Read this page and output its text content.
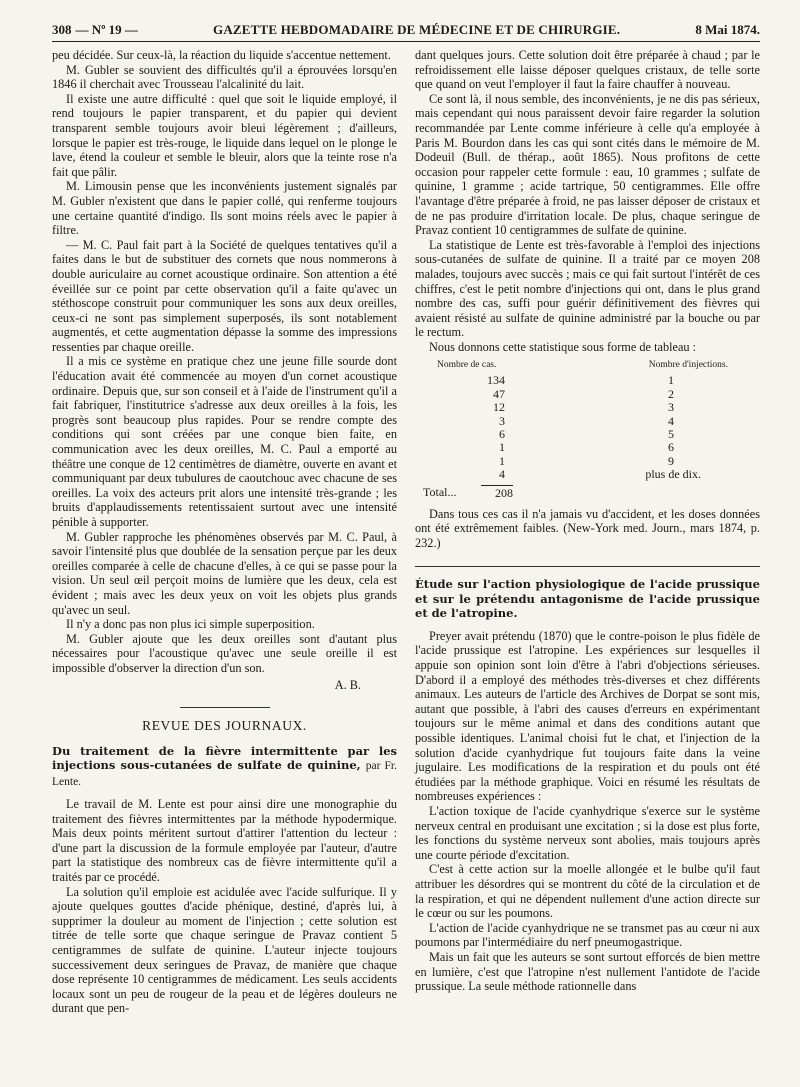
308 — Nº 19 —	GAZETTE HEBDOMADAIRE DE MÉDECINE ET DE CHIRURGIE.	8 Mai 1874.

peu décidée. Sur ceux-là, la réaction du liquide s'accentue nettement.

M. Gubler se souvient des difficultés qu'il a éprouvées lorsqu'en 1846 il cherchait avec Trousseau l'alcalinité du lait.

Il existe une autre difficulté : quel que soit le liquide employé, il rend toujours le papier transparent, et du papier qui devient transparent semble toujours avoir bleui légèrement ; d'ailleurs, lorsque le papier est très-rouge, le liquide dans lequel on le plonge le lave, étend la couleur et semble le bleuir, alors que la teinte rose n'a fait que pâlir.

M. Limousin pense que les inconvénients justement signalés par M. Gubler n'existent que dans le papier collé, qui renferme toujours une certaine quantité d'indigo. Ils sont moins réels avec le papier à filtre.

— M. C. Paul fait part à la Société de quelques tentatives qu'il a faites dans le but de substituer des cornets que nous nommerons à double auriculaire au cornet acoustique ordinaire. Son attention a été éveillée sur ce point par cette observation qu'il a faite qu'avec un stéthoscope construit pour communiquer les sons aux deux oreilles, ceux-ci ne sont pas simplement superposés, ils sont notablement augmentés, et cette augmentation dépasse la somme des impressions ressenties par chaque oreille.

Il a mis ce système en pratique chez une jeune fille sourde dont l'éducation avait été commencée au moyen d'un cornet acoustique ordinaire. Depuis que, sur son conseil et à l'aide de l'instrument qu'il a fait fabriquer, l'institutrice s'adresse aux deux oreilles à la fois, les progrès sont beaucoup plus rapides. Pour se rendre compte des conditions qui sont créées par une conque bien faite, en communication avec les deux oreilles, M. C. Paul a emporté au théâtre une conque de 12 centimètres de diamètre, ouverte en avant et communiquant par deux tubulures de caoutchouc avec chacune de ses oreilles. La voix des acteurs prit alors une intensité très-grande ; les bruits d'applaudissements retentissaient surtout avec une intensité pénible à supporter.

M. Gubler rapproche les phénomènes observés par M. C. Paul, à savoir l'intensité plus que doublée de la sensation perçue par les deux oreilles comparée à celle de chacune d'elles, à ce qui se passe pour la vision. Un seul œil perçoit moins de lumière que les deux, cela est évident ; mais avec les deux yeux on voit les objets plus grands qu'avec un seul.

Il n'y a donc pas non plus ici simple superposition.

M. Gubler ajoute que les deux oreilles sont d'autant plus nécessaires pour l'acoustique qu'avec une seule oreille il est impossible d'observer la direction d'un son.

A. B.
REVUE DES JOURNAUX.
Du traitement de la fièvre intermittente par les injections sous-cutanées de sulfate de quinine, par Fr. Lente.

Le travail de M. Lente est pour ainsi dire une monographie du traitement des fièvres intermittentes par la méthode hypodermique. Mais deux points méritent surtout d'attirer l'attention du lecteur : d'une part la discussion de la formule employée par l'auteur, d'autre part la statistique des nombreux cas de fièvre intermittente qu'il a traités par ce procédé.

La solution qu'il emploie est acidulée avec l'acide sulfurique. Il y ajoute quelques gouttes d'acide phénique, destiné, d'après lui, à supprimer la douleur au moment de l'injection ; cette solution est titrée de telle sorte que chaque seringue de Pravaz contient 5 centigrammes de sulfate de quinine. L'auteur injecte toujours successivement deux seringues de Pravaz, de manière que chaque dose représente 10 centigrammes de médicament. Les seuls accidents locaux sont un peu de rougeur de la peau et de légères douleurs ne durant que pen-

dant quelques jours. Cette solution doit être préparée à chaud ; par le refroidissement elle laisse déposer quelques cristaux, de telle sorte que quand on veut l'employer il faut la faire chauffer à nouveau.

Ce sont là, il nous semble, des inconvénients, je ne dis pas sérieux, mais cependant qui nous paraissent devoir faire regarder la solution recommandée par Lente comme inférieure à celle qu'a employée à Paris M. Bourdon dans les cas qui sont cités dans le mémoire de M. Dodeuil (Bull. de thérap., août 1865). Nous profitons de cette occasion pour rappeler cette formule : eau, 10 grammes ; sulfate de quinine, 1 gramme ; acide tartrique, 50 centigrammes. Elle offre l'avantage d'être préparée à froid, ne pas laisser déposer de cristaux et de ne pas produire d'irritation locale. De plus, chaque seringue de Pravaz contient 10 centigrammes de sulfate de quinine.

La statistique de Lente est très-favorable à l'emploi des injections sous-cutanées de sulfate de quinine. Il a traité par ce moyen 208 malades, toujours avec succès ; mais ce qui fait surtout l'intérêt de ces chiffres, c'est le petit nombre d'injections qui ont, dans le plus grand nombre des cas, suffi pour guérir définitivement des fièvres qui avaient résisté au sulfate de quinine administré par la bouche ou par le rectum.

Nous donnons cette statistique sous forme de tableau :

Nombre de cas.	Nombre d'injections.
134	1
47	2
12	3
3	4
6	5
1	6
1	9
4	plus de dix.
Total...	208

Dans tous ces cas il n'a jamais vu d'accident, et les doses données ont été extrêmement faibles. (New-York med. Journ., mars 1874, p. 232.)

Étude sur l'action physiologique de l'acide prussique et sur le prétendu antagonisme de l'acide prussique et de l'atropine.

Preyer avait prétendu (1870) que le contre-poison le plus fidèle de l'acide prussique est l'atropine. Les expériences sur lesquelles il appuie son opinion sont loin d'être à l'abri d'objections sérieuses. D'abord il a employé des méthodes très-diverses et chez différents animaux. Les auteurs de l'article des Archives de Dorpat se sont mis, autant que possible, à l'abri des causes d'erreurs en expérimentant toujours sur le même animal et dans des conditions autant que possible identiques. L'animal choisi fut le chat, et l'injection de la solution d'acide cyanhydrique fut toujours faite dans la veine jugulaire. Les modifications de la respiration et du pouls ont été étudiées par la méthode graphique. Voici en résumé les résultats de nombreuses expériences :

L'action toxique de l'acide cyanhydrique s'exerce sur le système nerveux central en produisant une excitation ; si la dose est plus forte, les fonctions du système nerveux sont abolies, mais toujours après une courte période d'excitation.

C'est à cette action sur la moelle allongée et le bulbe qu'il faut attribuer les désordres qui se montrent du côté de la circulation et de la respiration, et qui ne dépendent nullement d'une action directe sur le cœur ou sur les poumons.

L'action de l'acide cyanhydrique ne se transmet pas au cœur ni aux poumons par l'intermédiaire du nerf pneumogastrique.

Mais un fait que les auteurs se sont surtout efforcés de bien mettre en lumière, c'est que l'atropine n'est nullement l'antidote de l'acide prussique. La seule méthode rationnelle dans
